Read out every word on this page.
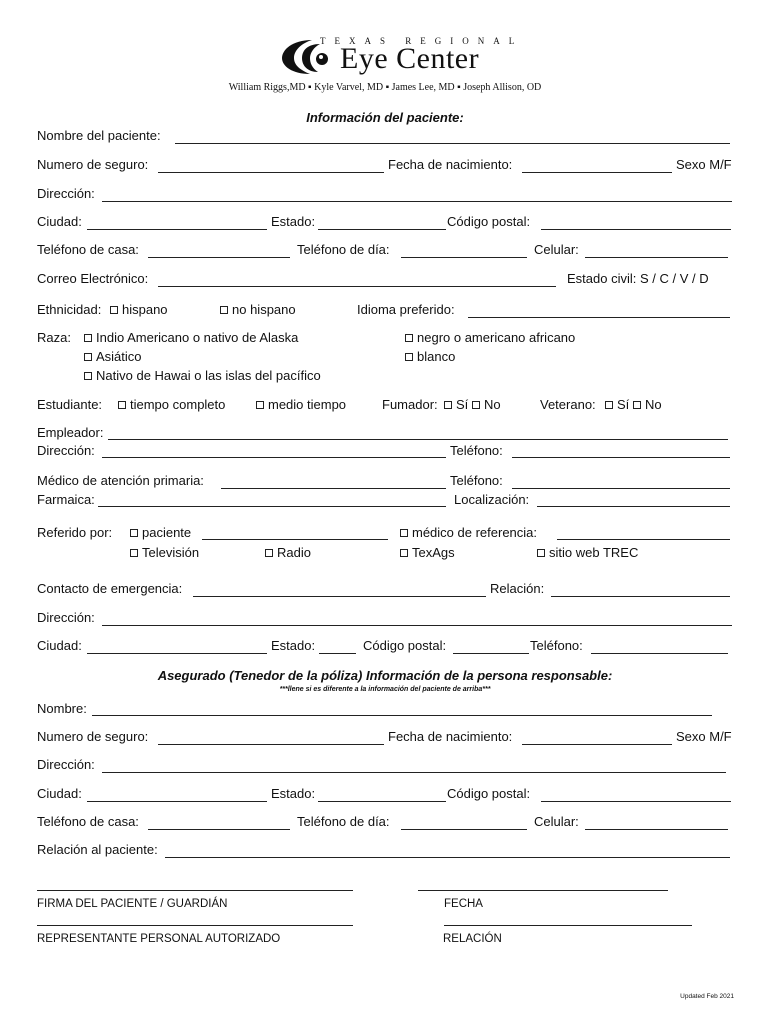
TEXAS REGIONAL
Eye Center
William Riggs,MD ▪ Kyle Varvel, MD ▪ James Lee, MD ▪ Joseph Allison, OD
Información del paciente:
Nombre del paciente:
Numero de seguro:	Fecha de nacimiento:	Sexo M/F
Dirección:
Ciudad:	Estado:	Código postal:
Teléfono de casa:	Teléfono de día:	Celular:
Correo Electrónico:	Estado civil: S / C / V / D
Ethnicidad:	hispano	no hispano	Idioma preferido:
Raza:	Indio Americano o nativo de Alaska	negro o americano africano
Asiático	blanco
Nativo de Hawai o las islas del pacífico
Estudiante:	tiempo completo	medio tiempo	Fumador:	Sí	No	Veterano:	Sí	No
Empleador:
Dirección:	Teléfono:
Médico de atención primaria:	Teléfono:
Farmaica:	Localización:
Referido por:	paciente	médico de referencia:
Televisión	Radio	TexAgs	sitio web TREC
Contacto de emergencia:	Relación:
Dirección:
Ciudad:	Estado:	Código postal:	Teléfono:
Asegurado (Tenedor de la póliza) Información de la persona responsable:
***llene si es diferente a la información del paciente de arriba***
Nombre:
Numero de seguro:	Fecha de nacimiento:	Sexo M/F
Dirección:
Ciudad:	Estado:	Código postal:
Teléfono de casa:	Teléfono de día:	Celular:
Relación al paciente:
FIRMA DEL PACIENTE / GUARDIÁN	FECHA
REPRESENTANTE PERSONAL AUTORIZADO	RELACIÓN
Updated Feb 2021
